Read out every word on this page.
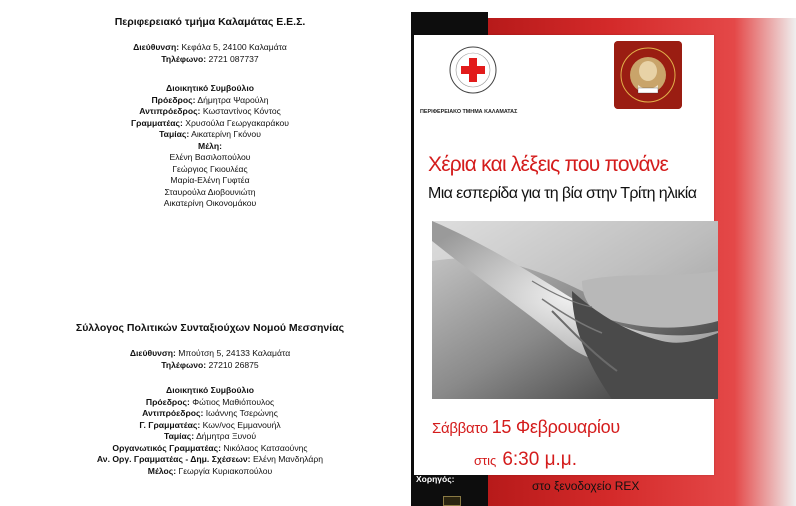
Περιφερειακό τμήμα Καλαμάτας Ε.Ε.Σ.
Διεύθυνση: Κεφάλα 5, 24100 Καλαμάτα
Τηλέφωνο: 2721 087737
Διοικητικό Συμβούλιο
Πρόεδρος: Δήμητρα Ψαρούλη
Αντιπρόεδρος: Κωσταντίνος Κόντος
Γραμματέας: Χρυσούλα Γεωργακαράκου
Ταμίας: Αικατερίνη Γκόνου
Μέλη:
Ελένη Βασιλοπούλου
Γεώργιος Γκιουλέας
Μαρία-Ελένη Γυφτέα
Σταυρούλα Διοβουνιώτη
Αικατερίνη Οικονομάκου
Σύλλογος Πολιτικών Συνταξιούχων Νομού Μεσσηνίας
Διεύθυνση: Μπούτση 5, 24133 Καλαμάτα
Τηλέφωνο: 27210 26875
Διοικητικό Συμβούλιο
Πρόεδρος: Φώτιος Μαθιόπουλος
Αντιπρόεδρος: Ιωάννης Τσερώνης
Γ. Γραμματέας: Κων/νος Εμμανουήλ
Ταμίας: Δήμητρα Ξυνού
Οργανωτικός Γραμματέας: Νικόλαος Κατσαούνης
Αν. Οργ. Γραμματέας - Δημ. Σχέσεων: Ελένη Μανδηλάρη
Μέλος: Γεωργία Κυριακοπούλου
ΠΕΡΙΦΕΡΕΙΑΚΟ ΤΜΗΜΑ ΚΑΛΑΜΑΤΑΣ
Χέρια και λέξεις που πονάνε
Μια εσπερίδα για τη βία στην Τρίτη ηλικία
Σάββατο 15 Φεβρουαρίου
στις 6:30 μ.μ.
στο ξενοδοχείο REX
Χορηγός:
